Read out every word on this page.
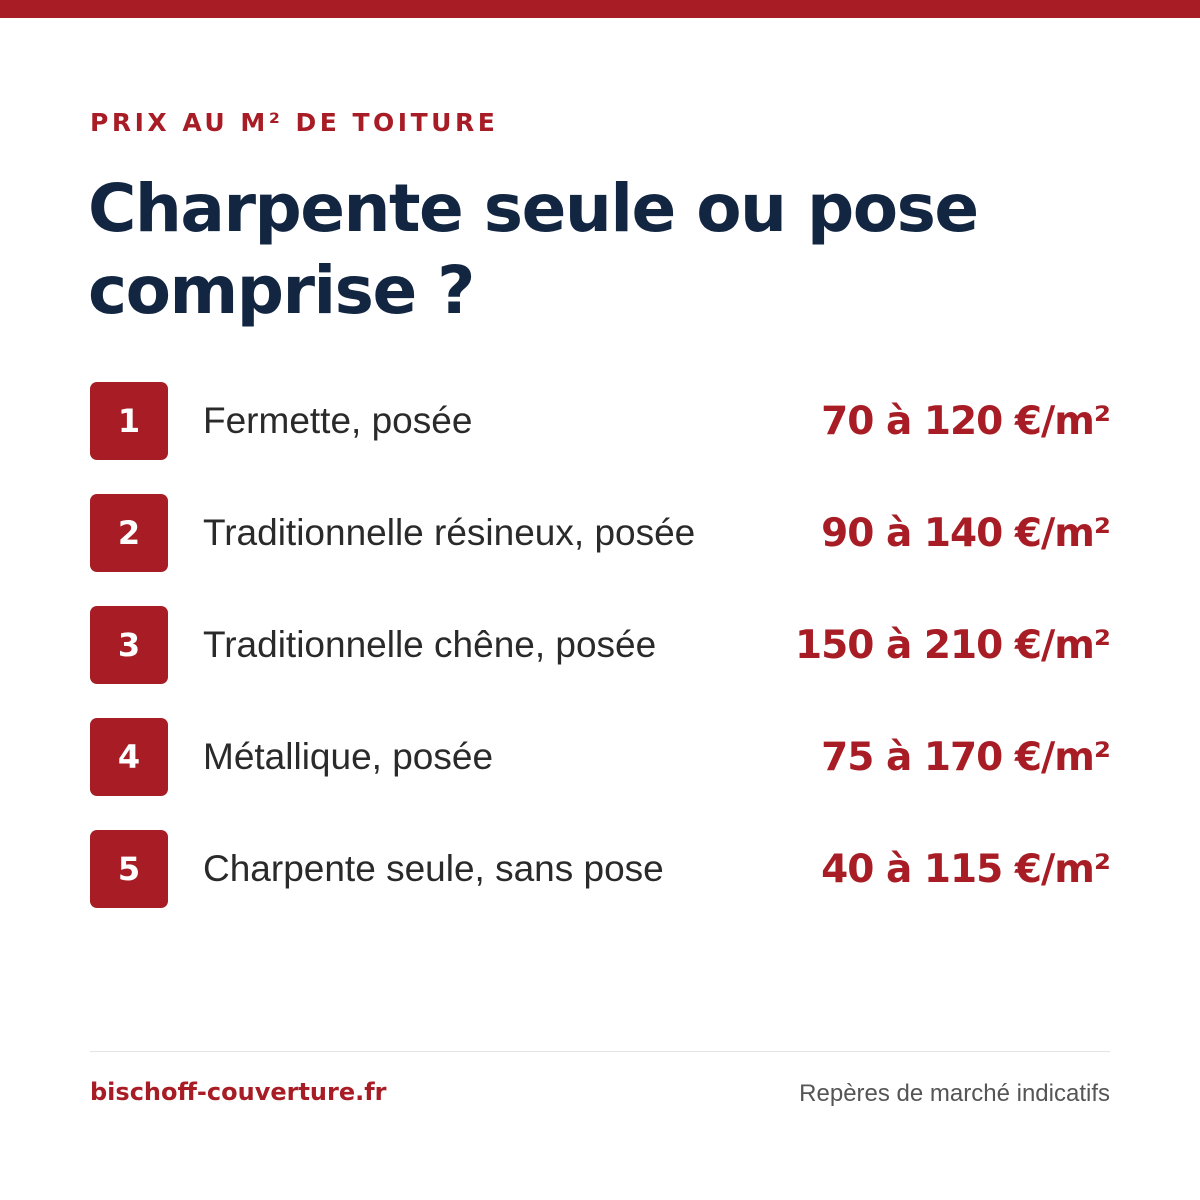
PRIX AU M² DE TOITURE
Charpente seule ou pose comprise ?
1	Fermette, posée	70 à 120 €/m²
2	Traditionnelle résineux, posée	90 à 140 €/m²
3	Traditionnelle chêne, posée	150 à 210 €/m²
4	Métallique, posée	75 à 170 €/m²
5	Charpente seule, sans pose	40 à 115 €/m²
bischoff-couverture.fr	Repères de marché indicatifs
